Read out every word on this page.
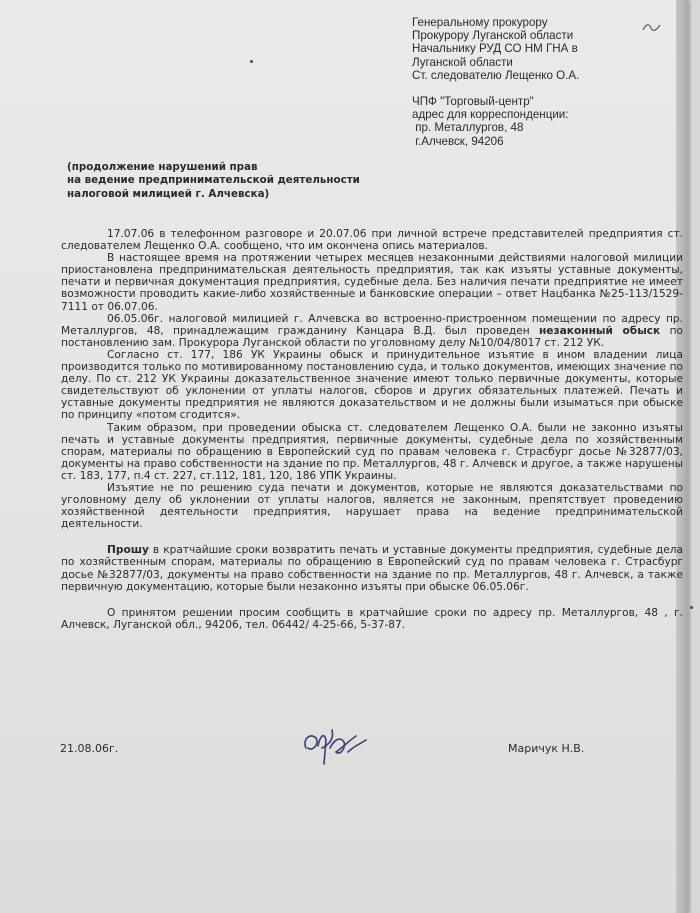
Генеральному прокурору
Прокурору Луганской области
Начальнику РУД СО НМ ГНА в
Луганской области
Ст. следователю Лещенко О.А.
ЧПФ "Торговый-центр"
адрес для корреспонденции:
пр. Металлургов, 48
г.Алчевск, 94206
(продолжение нарушений прав
на ведение предпринимательской деятельности
налоговой милицией г. Алчевска)

17.07.06 в телефонном разговоре и 20.07.06 при личной встрече представителей предприятия ст. следователем Лещенко О.А. сообщено, что им окончена опись материалов.

В настоящее время на протяжении четырех месяцев незаконными действиями налоговой милиции приостановлена предпринимательская деятельность предприятия, так как изъяты уставные документы, печати и первичная документация предприятия, судебные дела. Без наличия печати предприятие не имеет возможности проводить какие-либо хозяйственные и банковские операции – ответ Нацбанка №25-113/1529-7111 от 06.07.06.

06.05.06г. налоговой милицией г. Алчевска во встроенно-пристроенном помещении по адресу пр. Металлургов, 48, принадлежащим гражданину Канцара В.Д. был проведен незаконный обыск по постановлению зам. Прокурора Луганской области по уголовному делу №10/04/8017 ст. 212 УК.

Согласно ст. 177, 186 УК Украины обыск и принудительное изъятие в ином владении лица производится только по мотивированному постановлению суда, и только документов, имеющих значение по делу. По ст. 212 УК Украины доказательственное значение имеют только первичные документы, которые свидетельствуют об уклонении от уплаты налогов, сборов и других обязательных платежей. Печать и уставные документы предприятия не являются доказательством и не должны были изыматься при обыске по принципу «потом сгодится».

Таким образом, при проведении обыска ст. следователем Лещенко О.А. были не законно изъяты печать и уставные документы предприятия, первичные документы, судебные дела по хозяйственным спорам, материалы по обращению в Европейский суд по правам человека г. Страсбург досье №32877/03, документы на право собственности на здание по пр. Металлургов, 48 г. Алчевск и другое, а также нарушены ст. 183, 177, п.4 ст. 227, ст.112, 181, 120, 186 УПК Украины.

Изъятие не по решению суда печати и документов, которые не являются доказательствами по уголовному делу об уклонении от уплаты налогов, является не законным, препятствует проведению хозяйственной деятельности предприятия, нарушает права на ведение предпринимательской деятельности.

Прошу в кратчайшие сроки возвратить печать и уставные документы предприятия, судебные дела по хозяйственным спорам, материалы по обращению в Европейский суд по правам человека г. Страсбург досье №32877/03, документы на право собственности на здание по пр. Металлургов, 48 г. Алчевск, а также первичную документацию, которые были незаконно изъяты при обыске 06.05.06г.

О принятом решении просим сообщить в кратчайшие сроки по адресу пр. Металлургов, 48 , г. Алчевск, Луганской обл., 94206, тел. 06442/ 4-25-66, 5-37-87.

21.08.06г.	Маричук Н.В.
